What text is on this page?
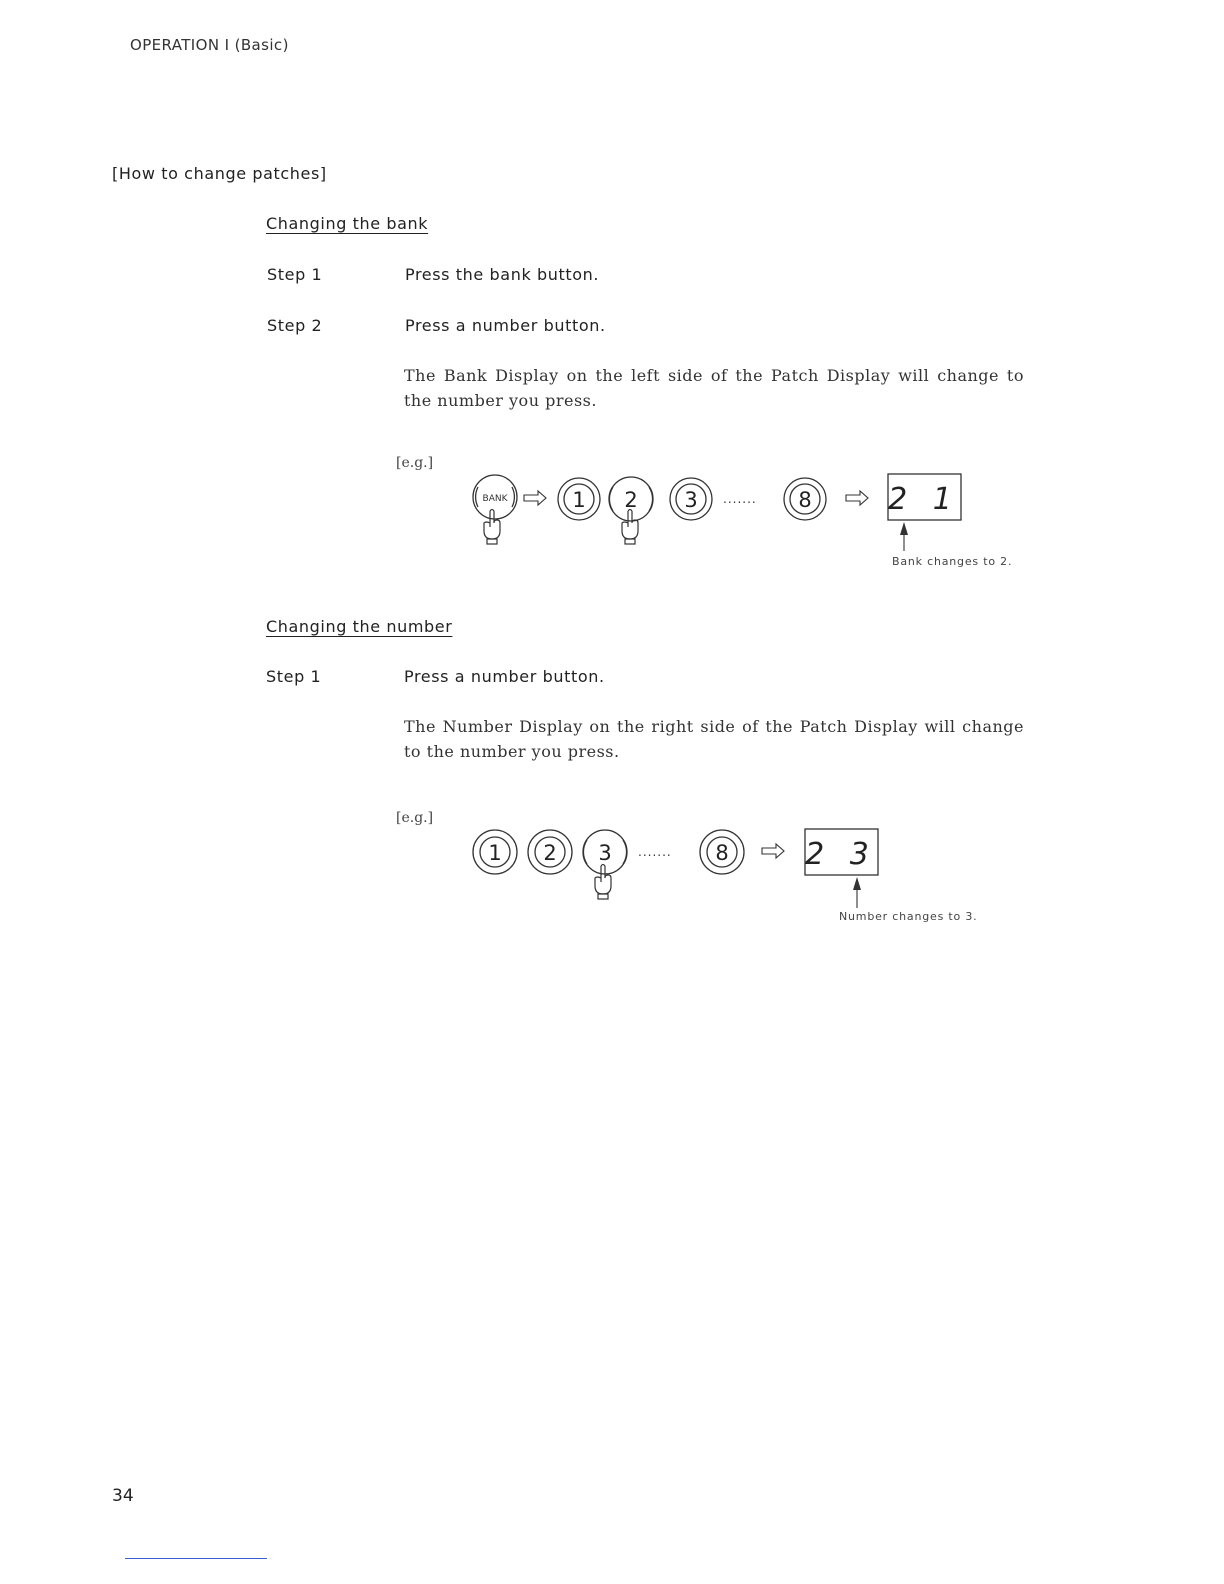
OPERATION I (Basic)
[How to change patches]
Changing the bank
Step 1	Press the bank button.
Step 2	Press a number button.
The Bank Display on the left side of the Patch Display will change to the number you press.
[e.g.]
BANK	1 2 3 ....... 8	2 1
Bank changes to 2.
Changing the number
Step 1	Press a number button.
The Number Display on the right side of the Patch Display will change to the number you press.
[e.g.]
1 2 3 ....... 8	2 3
Number changes to 3.
34
